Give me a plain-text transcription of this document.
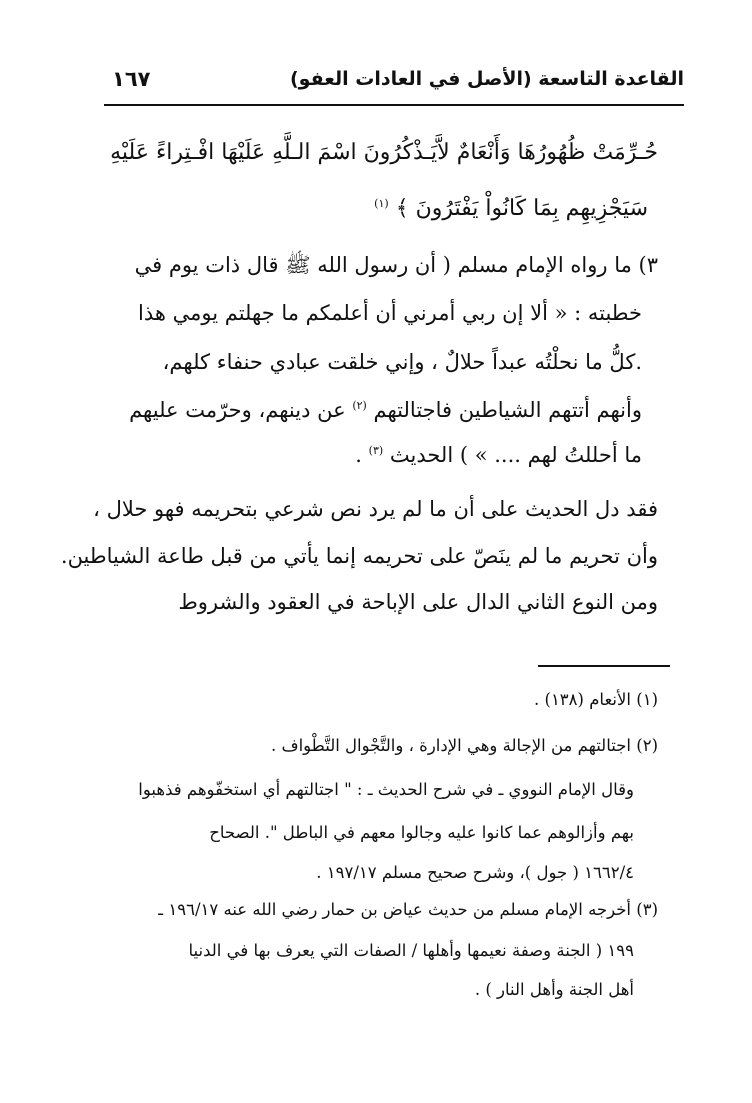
القاعدة التاسعة (الأصل في العادات العفو)
١٦٧
حُـرِّمَتْ ظُهُورُهَا وَأَنْعَامٌ لاَّيَـذْكُرُونَ اسْمَ الـلَّهِ عَلَيْهَا افْـتِراءً عَلَيْهِ
سَيَجْزِيهِم بِمَا كَانُواْ يَفْتَرُونَ ﴾ $^{(١)}$
٣) ما رواه الإمام مسلم ( أن رسول الله ﷺ قال ذات يوم في
خطبته : « ألا إن ربي أمرني أن أعلمكم ما جهلتم يومي هذا
.كلُّ ما نحلْتُه عبداً حلالٌ ، وإني خلقت عبادي حنفاء كلهم،
وأنهم أتتهم الشياطين فاجتالتهم $^{(٢)}$ عن دينهم، وحرّمت عليهم
ما أحللتُ لهم .... » ) الحديث $^{(٣)}$ .
فقد دل الحديث على أن ما لم يرد نص شرعي بتحريمه فهو حلال ،
وأن تحريم ما لم ينَصّ على تحريمه إنما يأتي من قبل طاعة الشياطين.
ومن النوع الثاني الدال على الإباحة في العقود والشروط
(١) الأنعام (١٣٨) .
(٢) اجتالتهم من الإجالة وهي الإدارة ، والتَّجْوال التَّطْواف .
وقال الإمام النووي ـ في شرح الحديث ـ : " اجتالتهم أي استخفّوهم فذهبوا
بهم وأزالوهم عما كانوا عليه وجالوا معهم في الباطل ". الصحاح
١٦٦٢/٤ ( جول )، وشرح صحيح مسلم ١٩٧/١٧ .
(٣) أخرجه الإمام مسلم من حديث عياض بن حمار رضي الله عنه ١٩٦/١٧ ـ
١٩٩ ( الجنة وصفة نعيمها وأهلها / الصفات التي يعرف بها في الدنيا
أهل الجنة وأهل النار ) .
